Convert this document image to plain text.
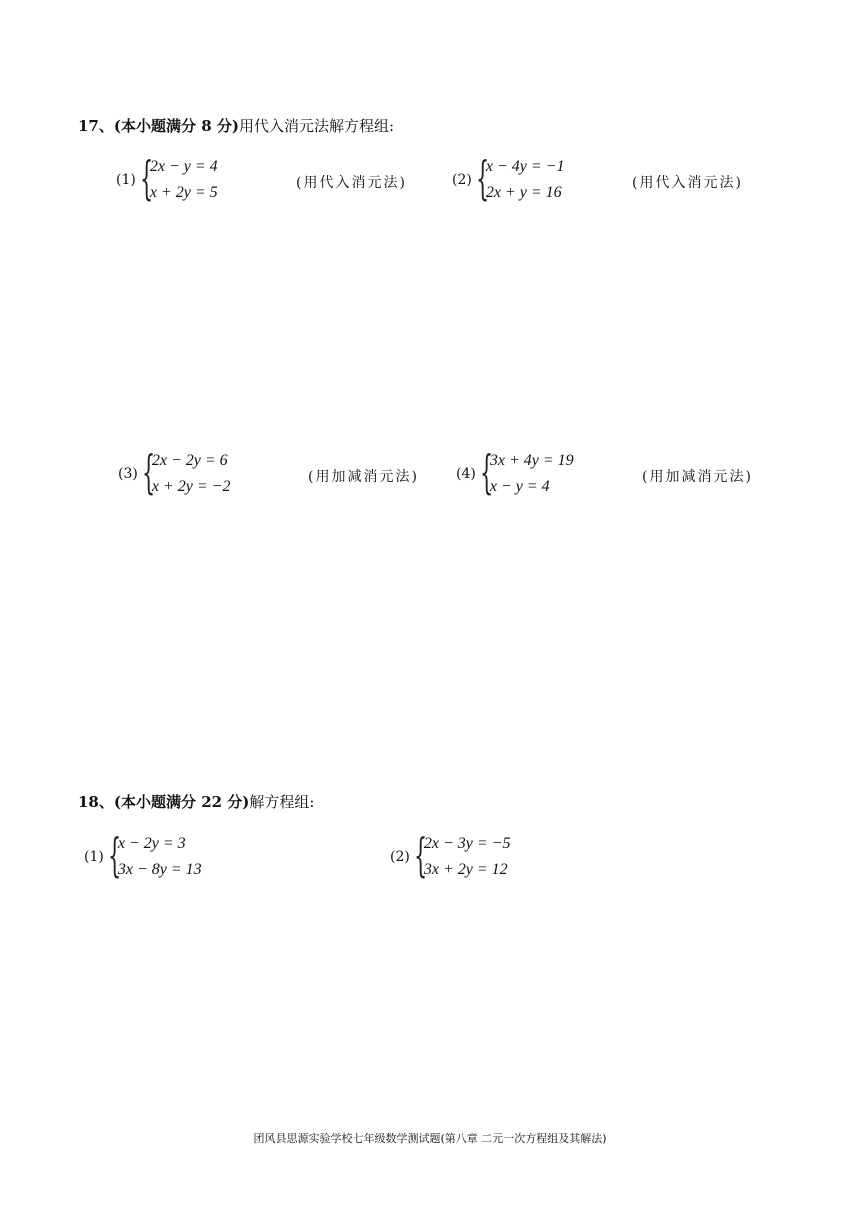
17、(本小题满分 8 分)用代入消元法解方程组:
(1) {
2x − y = 4
x + 2y = 5
(用代入消元法)	(2) {
x − 4y = −1
2x + y = 16
(用代入消元法)
(3) {
2x − 2y = 6
x + 2y = −2
(用加减消元法)	(4) {
3x + 4y = 19
x − y = 4
(用加减消元法)
18、(本小题满分 22 分)解方程组:
(1) {
x − 2y = 3
3x − 8y = 13
(2) {
2x − 3y = −5
3x + 2y = 12
团风县思源实验学校七年级数学测试题(第八章 二元一次方程组及其解法)
